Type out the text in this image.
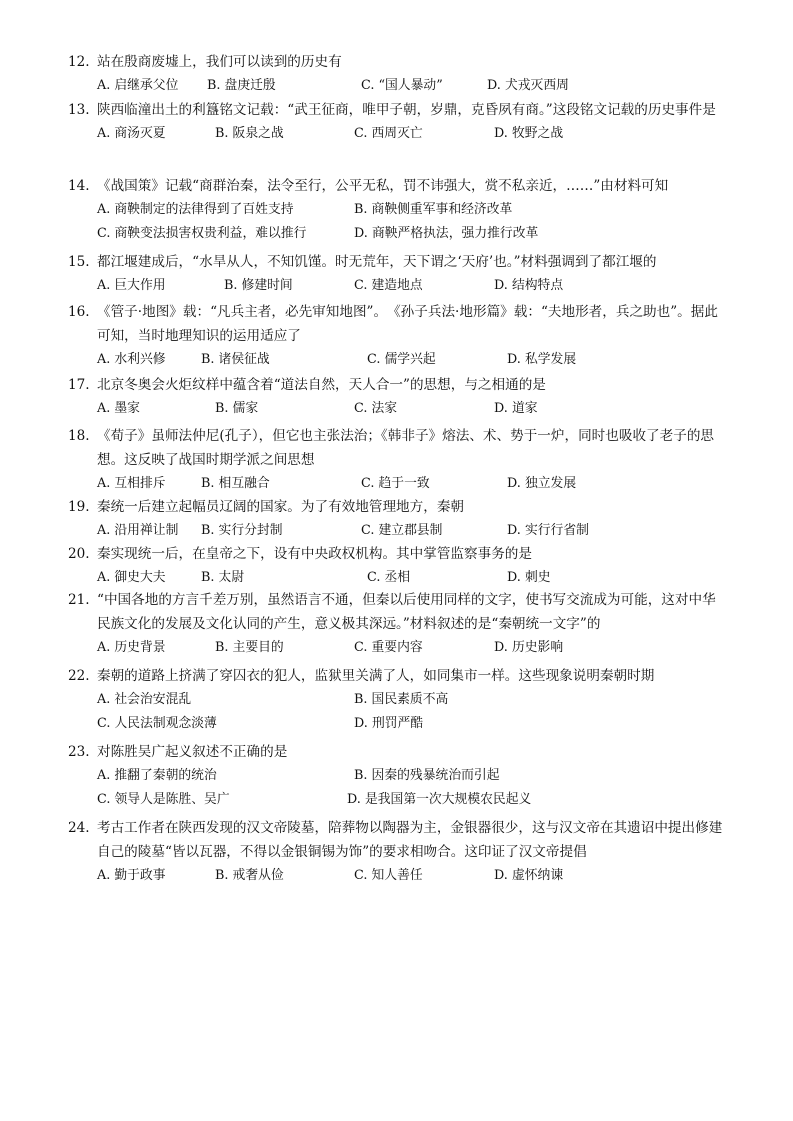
12. 站在殷商废墟上，我们可以读到的历史有
A. 启继承父位 B. 盘庚迁殷	C. “国人暴动”	D. 犬戎灭西周
13. 陕西临潼出土的利簋铭文记载：“武王征商，唯甲子朝，岁鼎，克昏夙有商。”这段铭文记载的历史事件是
A. 商汤灭夏	B. 阪泉之战	C. 西周灭亡	D. 牧野之战
14. 《战国策》记载“商群治秦，法令至行，公平无私，罚不讳强大，赏不私亲近，……”由材料可知
A. 商鞅制定的法律得到了百姓支持	B. 商鞅侧重军事和经济改革
C. 商鞅变法损害权贵利益，难以推行	D. 商鞅严格执法，强力推行改革
15. 都江堰建成后，“水旱从人，不知饥馑。时无荒年，天下谓之‘天府’也。”材料强调到了都江堰的
A. 巨大作用	B. 修建时间	C. 建造地点	D. 结构特点
16. 《管子·地图》载：“凡兵主者，必先审知地图”。　《孙子兵法·地形篇》载：“夫地形者，兵之助也”。据此可知，当时地理知识的运用适应了
A. 水利兴修	B. 诸侯征战	C. 儒学兴起	D. 私学发展
17. 北京冬奥会火炬纹样中蕴含着“道法自然，天人合一”的思想，与之相通的是
A. 墨家	B. 儒家	C. 法家	D. 道家
18. 《荀子》虽师法仲尼(孔子），但它也主张法治；《韩非子》熔法、术、势于一炉，同时也吸收了老子的思想。这反映了战国时期学派之间思想
A. 互相排斥	B. 相互融合	C. 趋于一致	D. 独立发展
19. 秦统一后建立起幅员辽阔的国家。为了有效地管理地方，秦朝
A. 沿用禅让制 B. 实行分封制	C. 建立郡县制	D. 实行行省制
20. 秦实现统一后，在皇帝之下，设有中央政权机构。其中掌管监察事务的是
A. 御史大夫	B. 太尉	C. 丞相	D. 刺史
21. “中国各地的方言千差万别，虽然语言不通，但秦以后使用同样的文字，使书写交流成为可能，这对中华民族文化的发展及文化认同的产生，意义极其深远。”材料叙述的是“秦朝统一文字”的
A. 历史背景	B. 主要目的	C. 重要内容	D. 历史影响
22. 秦朝的道路上挤满了穿囚衣的犯人，监狱里关满了人，如同集市一样。这些现象说明秦朝时期
A. 社会治安混乱	B. 国民素质不高
C. 人民法制观念淡薄	D. 刑罚严酷
23. 对陈胜吴广起义叙述不正确的是
A. 推翻了秦朝的统治	B. 因秦的残暴统治而引起
C. 领导人是陈胜、吴广	D. 是我国第一次大规模农民起义
24. 考古工作者在陕西发现的汉文帝陵墓，陪葬物以陶器为主，金银器很少，这与汉文帝在其遗诏中提出修建自己的陵墓“皆以瓦器，不得以金银铜锡为饰”的要求相吻合。这印证了汉文帝提倡
A. 勤于政事	B. 戒奢从俭	C. 知人善任	D. 虚怀纳谏
